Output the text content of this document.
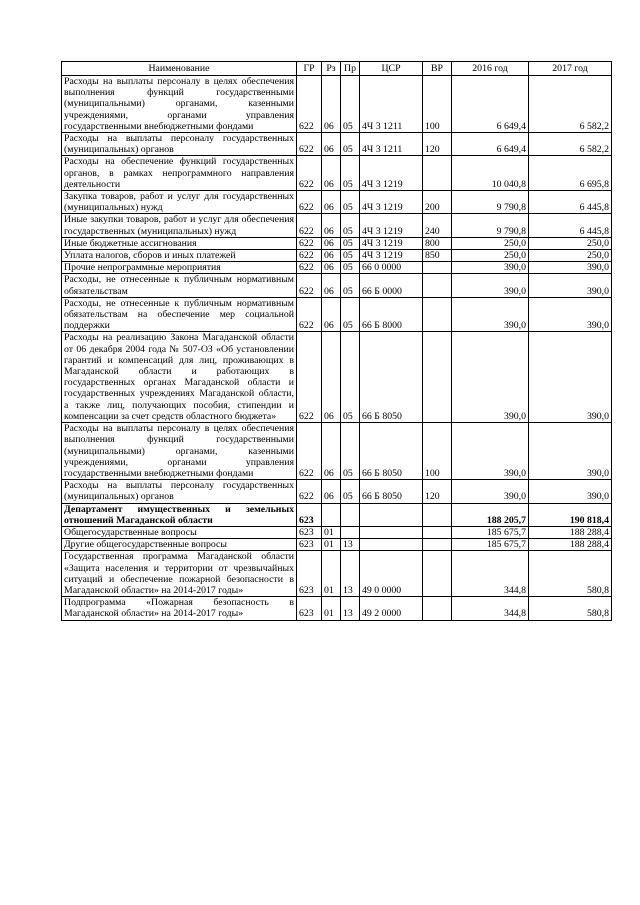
Наименование	ГР	Рз	Пр	ЦСР	ВР	2016 год	2017 год
Расходы на выплаты персоналу в целях обеспечения выполнения функций государственными (муниципальными) органами, казенными учреждениями, органами управления государственными внебюджетными фондами	622	06	05	4Ч 3 1211	100	6 649,4	6 582,2
Расходы на выплаты персоналу государственных (муниципальных) органов	622	06	05	4Ч 3 1211	120	6 649,4	6 582,2
Расходы на обеспечение функций государственных органов, в рамках непрограммного направления деятельности	622	06	05	4Ч 3 1219		10 040,8	6 695,8
Закупка товаров, работ и услуг для государственных (муниципальных) нужд	622	06	05	4Ч 3 1219	200	9 790,8	6 445,8
Иные закупки товаров, работ и услуг для обеспечения государственных (муниципальных) нужд	622	06	05	4Ч 3 1219	240	9 790,8	6 445,8
Иные бюджетные ассигнования	622	06	05	4Ч 3 1219	800	250,0	250,0
Уплата налогов, сборов и иных платежей	622	06	05	4Ч 3 1219	850	250,0	250,0
Прочие непрограммные мероприятия	622	06	05	66 0 0000		390,0	390,0
Расходы, не отнесенные к публичным нормативным обязательствам	622	06	05	66 Б 0000		390,0	390,0
Расходы, не отнесенные к публичным нормативным обязательствам на обеспечение мер социальной поддержки	622	06	05	66 Б 8000		390,0	390,0
Расходы на реализацию Закона Магаданской области от 06 декабря 2004 года № 507-ОЗ «Об установлении гарантий и компенсаций для лиц, проживающих в Магаданской области и работающих в государственных органах Магаданской области и государственных учреждениях Магаданской области, а также лиц, получающих пособия, стипендии и компенсации за счет средств областного бюджета»	622	06	05	66 Б 8050		390,0	390,0
Расходы на выплаты персоналу в целях обеспечения выполнения функций государственными (муниципальными) органами, казенными учреждениями, органами управления государственными внебюджетными фондами	622	06	05	66 Б 8050	100	390,0	390,0
Расходы на выплаты персоналу государственных (муниципальных) органов	622	06	05	66 Б 8050	120	390,0	390,0
Департамент имущественных и земельных отношений Магаданской области	623					188 205,7	190 818,4
Общегосударственные вопросы	623	01				185 675,7	188 288,4
Другие общегосударственные вопросы	623	01	13			185 675,7	188 288,4
Государственная программа Магаданской области «Защита населения и территории от чрезвычайных ситуаций и обеспечение пожарной безопасности в Магаданской области» на 2014-2017 годы»	623	01	13	49 0 0000		344,8	580,8
Подпрограмма «Пожарная безопасность в Магаданской области» на 2014-2017 годы»	623	01	13	49 2 0000		344,8	580,8
